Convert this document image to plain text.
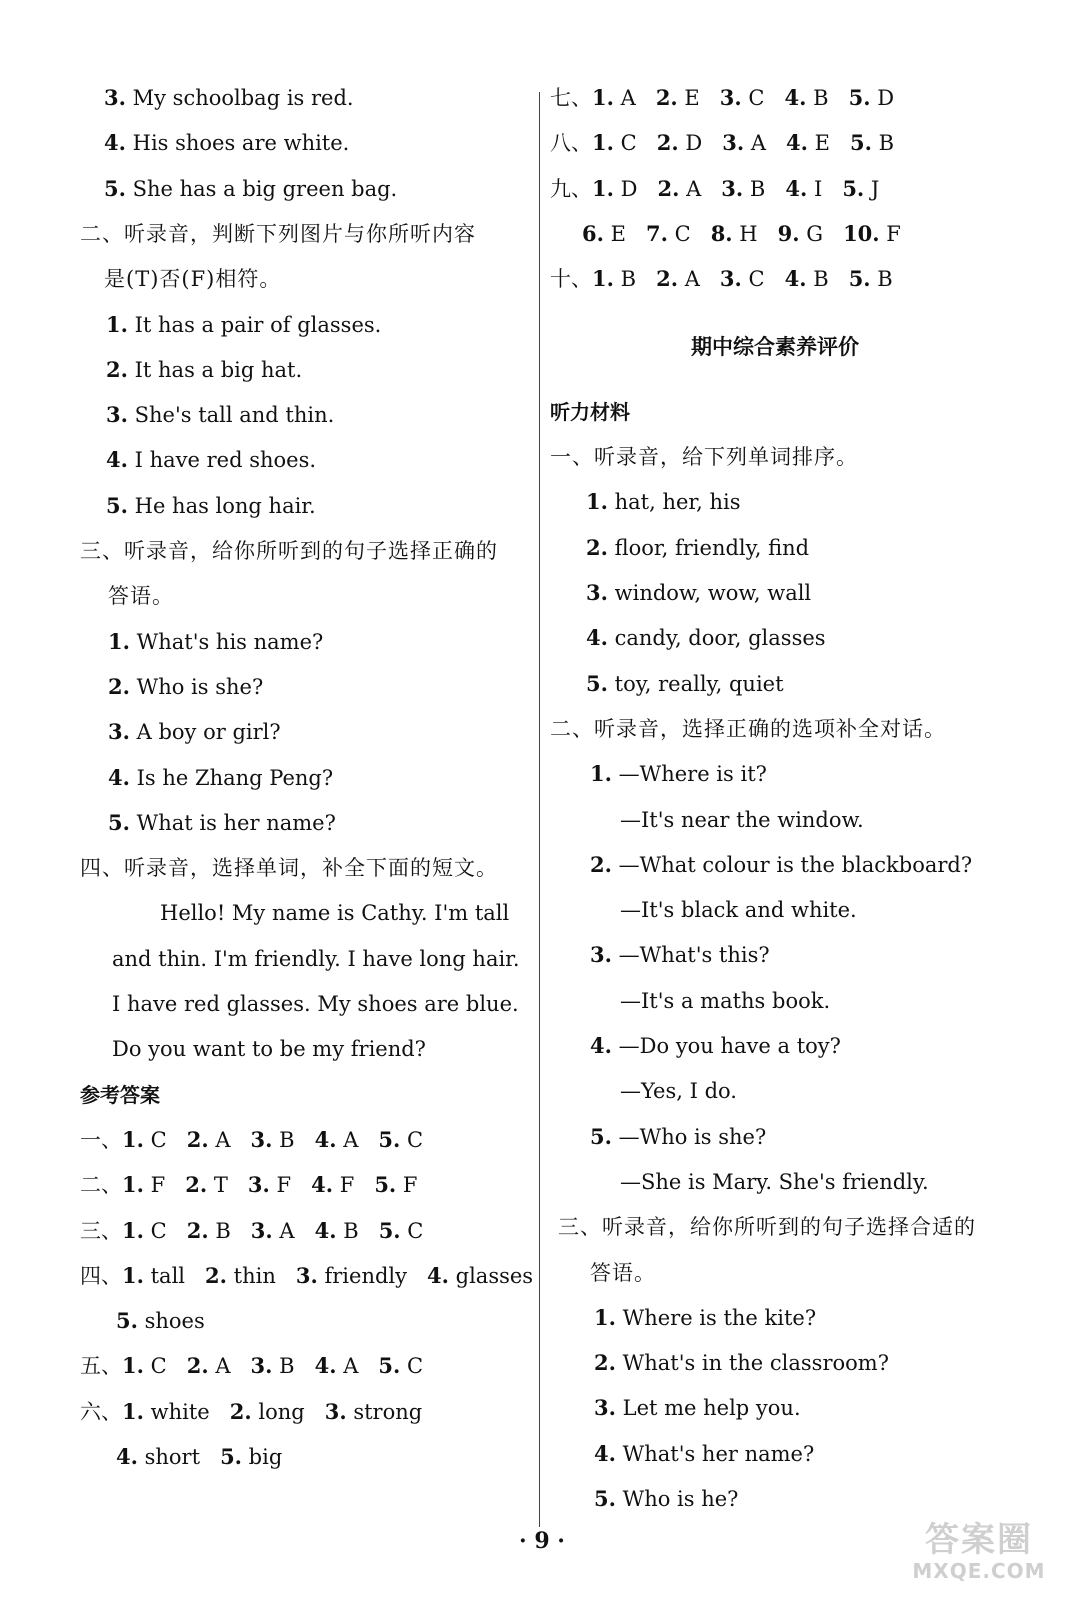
3. My schoolbag is red.
4. His shoes are white.
5. She has a big green bag.
二、听录音，判断下列图片与你所听内容
是(T)否(F)相符。
1. It has a pair of glasses.
2. It has a big hat.
3. She's tall and thin.
4. I have red shoes.
5. He has long hair.
三、听录音，给你所听到的句子选择正确的
答语。
1. What's his name?
2. Who is she?
3. A boy or girl?
4. Is he Zhang Peng?
5. What is her name?
四、听录音，选择单词，补全下面的短文。
Hello! My name is Cathy. I'm tall
and thin. I'm friendly. I have long hair.
I have red glasses. My shoes are blue.
Do you want to be my friend?
参考答案
一、1. C   2. A   3. B   4. A   5. C
二、1. F   2. T   3. F   4. F   5. F
三、1. C   2. B   3. A   4. B   5. C
四、1. tall   2. thin   3. friendly   4. glasses
5. shoes
五、1. C   2. A   3. B   4. A   5. C
六、1. white   2. long   3. strong
4. short   5. big
七、1. A   2. E   3. C   4. B   5. D
八、1. C   2. D   3. A   4. E   5. B
九、1. D   2. A   3. B   4. I   5. J
6. E   7. C   8. H   9. G   10. F
十、1. B   2. A   3. C   4. B   5. B
期中综合素养评价
听力材料
一、听录音，给下列单词排序。
1. hat, her, his
2. floor, friendly, find
3. window, wow, wall
4. candy, door, glasses
5. toy, really, quiet
二、听录音，选择正确的选项补全对话。
1. —Where is it?
—It's near the window.
2. —What colour is the blackboard?
—It's black and white.
3. —What's this?
—It's a maths book.
4. —Do you have a toy?
—Yes, I do.
5. —Who is she?
—She is Mary. She's friendly.
三、听录音，给你所听到的句子选择合适的
答语。
1. Where is the kite?
2. What's in the classroom?
3. Let me help you.
4. What's her name?
5. Who is he?
· 9 ·	答案圈
MXQE.COM
